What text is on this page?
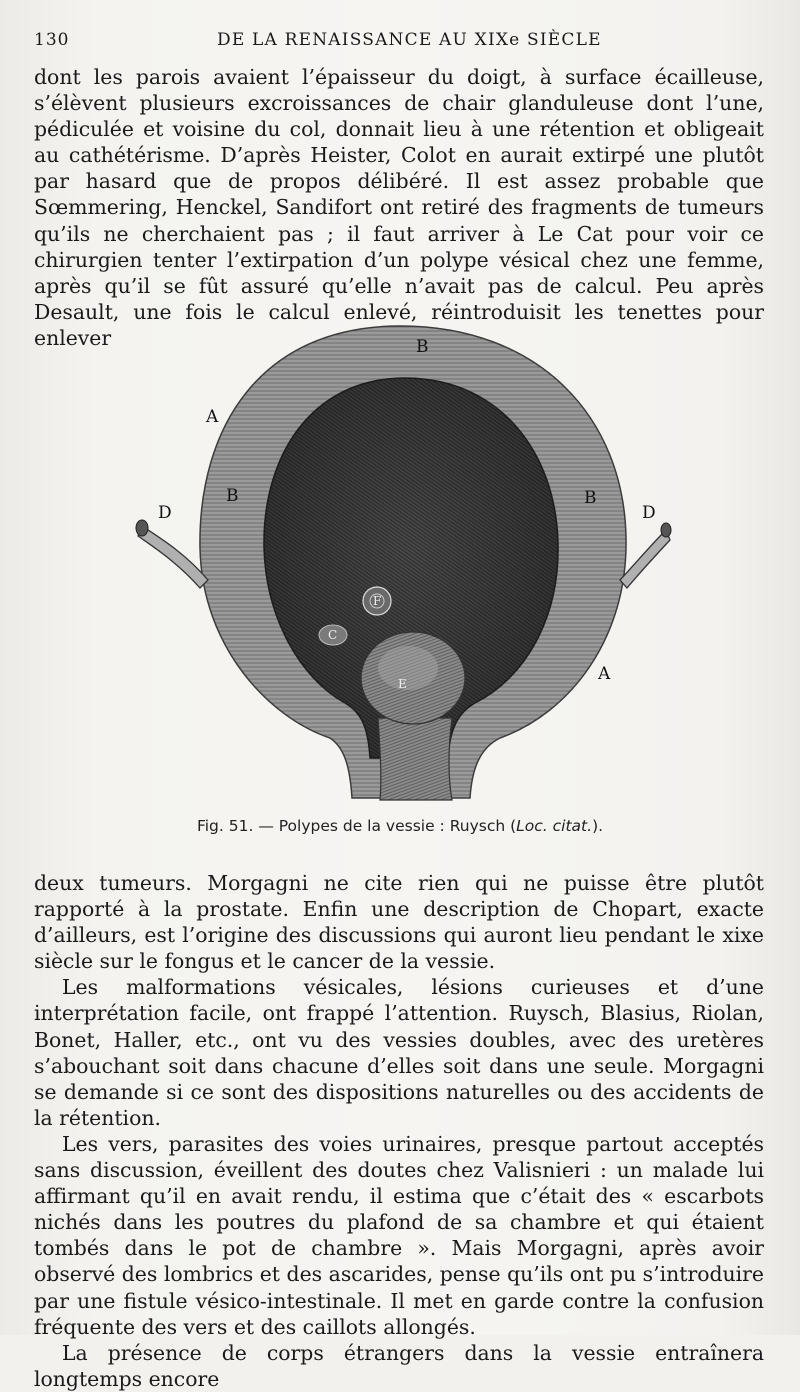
130	DE LA RENAISSANCE AU XIXe SIÈCLE

dont les parois avaient l’épaisseur du doigt, à surface écailleuse, s’élèvent plusieurs excroissances de chair glanduleuse dont l’une, pédiculée et voisine du col, donnait lieu à une rétention et obligeait au cathétérisme. D’après Heister, Colot en aurait extirpé une plutôt par hasard que de propos délibéré. Il est assez probable que Sœmmering, Henckel, Sandifort ont retiré des fragments de tumeurs qu’ils ne cherchaient pas ; il faut arriver à Le Cat pour voir ce chirurgien tenter l’extirpation d’un polype vésical chez une femme, après qu’il se fût assuré qu’elle n’avait pas de calcul. Peu après Desault, une fois le calcul enlevé, réintroduisit les tenettes pour enlever	B
A
B	B
D	D
A
F
C
E
Fig. 51. — Polypes de la vessie : Ruysch (Loc. citat.).

deux tumeurs. Morgagni ne cite rien qui ne puisse être plutôt rapporté à la prostate. Enfin une description de Chopart, exacte d’ailleurs, est l’origine des discussions qui auront lieu pendant le xixe siècle sur le fongus et le cancer de la vessie.

Les malformations vésicales, lésions curieuses et d’une interprétation facile, ont frappé l’attention. Ruysch, Blasius, Riolan, Bonet, Haller, etc., ont vu des vessies doubles, avec des uretères s’abouchant soit dans chacune d’elles soit dans une seule. Morgagni se demande si ce sont des dispositions naturelles ou des accidents de la rétention.

Les vers, parasites des voies urinaires, presque partout acceptés sans discussion, éveillent des doutes chez Valisnieri : un malade lui affirmant qu’il en avait rendu, il estima que c’était des « escarbots nichés dans les poutres du plafond de sa chambre et qui étaient tombés dans le pot de chambre ». Mais Morgagni, après avoir observé des lombrics et des ascarides, pense qu’ils ont pu s’introduire par une fistule vésico-intestinale. Il met en garde contre la confusion fréquente des vers et des caillots allongés.

La présence de corps étrangers dans la vessie entraînera longtemps encore
